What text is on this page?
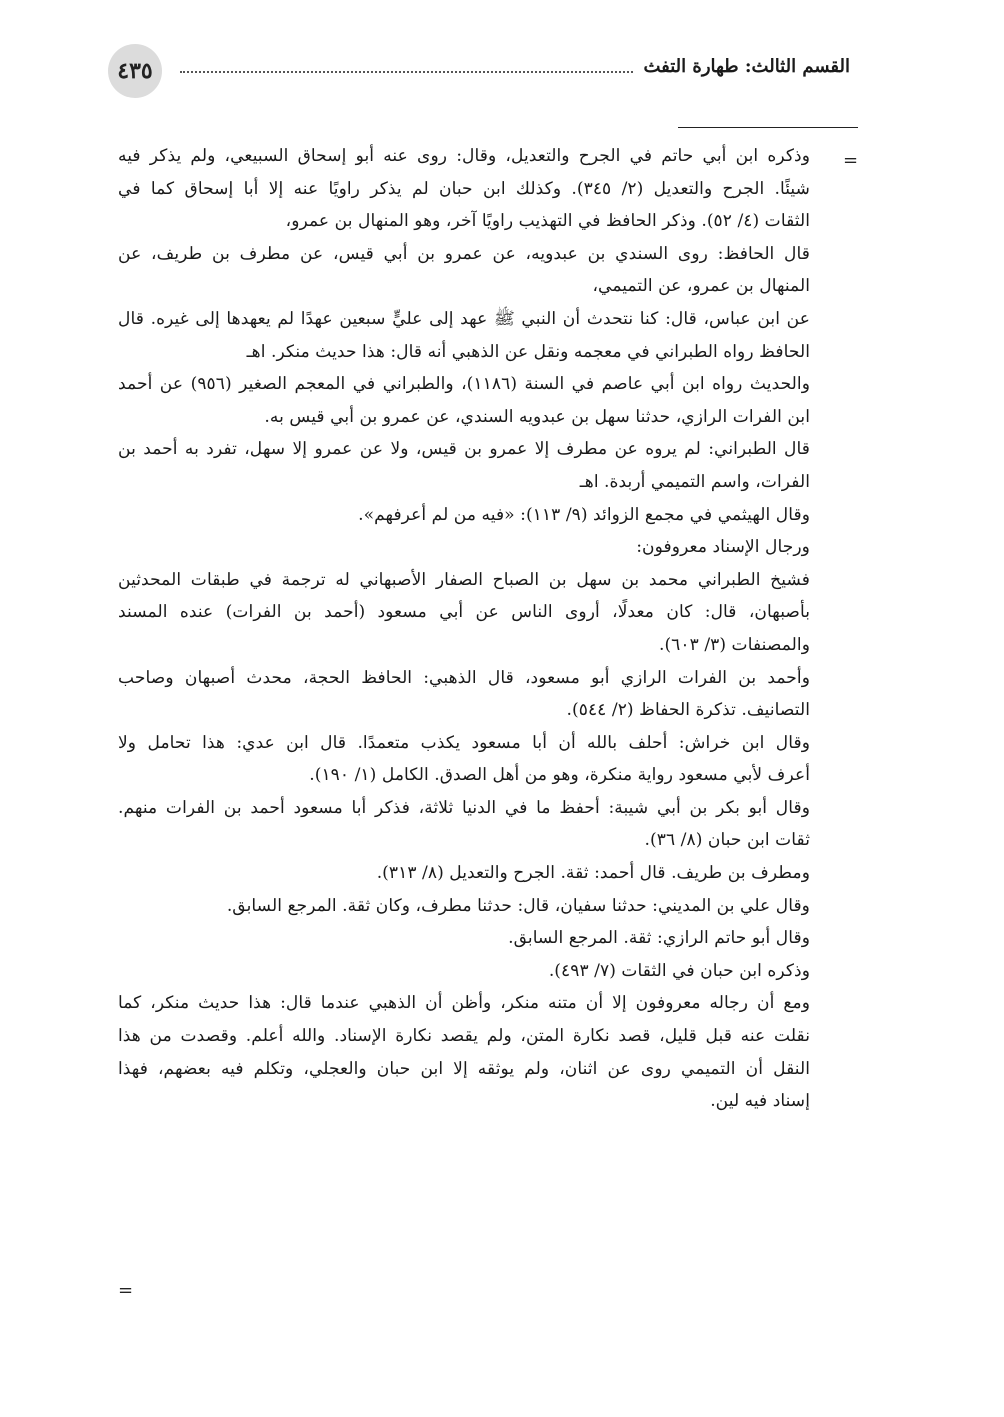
٤٣٥	القسم الثالث: طهارة التفث
=
=
وذكره ابن أبي حاتم في الجرح والتعديل، وقال: روى عنه أبو إسحاق السبيعي، ولم يذكر فيه
شيئًا. الجرح والتعديل (٢/ ٣٤٥). وكذلك ابن حبان لم يذكر راويًا عنه إلا أبا إسحاق كما في
الثقات (٤/ ٥٢). وذكر الحافظ في التهذيب راويًا آخر، وهو المنهال بن عمرو،
قال الحافظ: روى السندي بن عبدويه، عن عمرو بن أبي قيس، عن مطرف بن طريف، عن
المنهال بن عمرو، عن التميمي،
عن ابن عباس، قال: كنا نتحدث أن النبي ﷺ عهد إلى عليٍّ سبعين عهدًا لم يعهدها إلى غيره. قال
الحافظ رواه الطبراني في معجمه ونقل عن الذهبي أنه قال: هذا حديث منكر. اهـ
والحديث رواه ابن أبي عاصم في السنة (١١٨٦)، والطبراني في المعجم الصغير (٩٥٦) عن أحمد
ابن الفرات الرازي، حدثنا سهل بن عبدويه السندي، عن عمرو بن أبي قيس به.
قال الطبراني: لم يروه عن مطرف إلا عمرو بن قيس، ولا عن عمرو إلا سهل، تفرد به أحمد بن
الفرات، واسم التميمي أربدة. اهـ
وقال الهيثمي في مجمع الزوائد (٩/ ١١٣): «فيه من لم أعرفهم».
ورجال الإسناد معروفون:
فشيخ الطبراني محمد بن سهل بن الصباح الصفار الأصبهاني له ترجمة في طبقات المحدثين
بأصبهان، قال: كان معدلًا، أروى الناس عن أبي مسعود (أحمد بن الفرات) عنده المسند
والمصنفات (٣/ ٦٠٣).
وأحمد بن الفرات الرازي أبو مسعود، قال الذهبي: الحافظ الحجة، محدث أصبهان وصاحب
التصانيف. تذكرة الحفاظ (٢/ ٥٤٤).
وقال ابن خراش: أحلف بالله أن أبا مسعود يكذب متعمدًا. قال ابن عدي: هذا تحامل ولا
أعرف لأبي مسعود رواية منكرة، وهو من أهل الصدق. الكامل (١/ ١٩٠).
وقال أبو بكر بن أبي شيبة: أحفظ ما في الدنيا ثلاثة، فذكر أبا مسعود أحمد بن الفرات منهم.
ثقات ابن حبان (٨/ ٣٦).
ومطرف بن طريف. قال أحمد: ثقة. الجرح والتعديل (٨/ ٣١٣).
وقال علي بن المديني: حدثنا سفيان، قال: حدثنا مطرف، وكان ثقة. المرجع السابق.
وقال أبو حاتم الرازي: ثقة. المرجع السابق.
وذكره ابن حبان في الثقات (٧/ ٤٩٣).
ومع أن رجاله معروفون إلا أن متنه منكر، وأظن أن الذهبي عندما قال: هذا حديث منكر، كما
نقلت عنه قبل قليل، قصد نكارة المتن، ولم يقصد نكارة الإسناد. والله أعلم. وقصدت من هذا
النقل أن التميمي روى عن اثنان، ولم يوثقه إلا ابن حبان والعجلي، وتكلم فيه بعضهم، فهذا
إسناد فيه لين.
